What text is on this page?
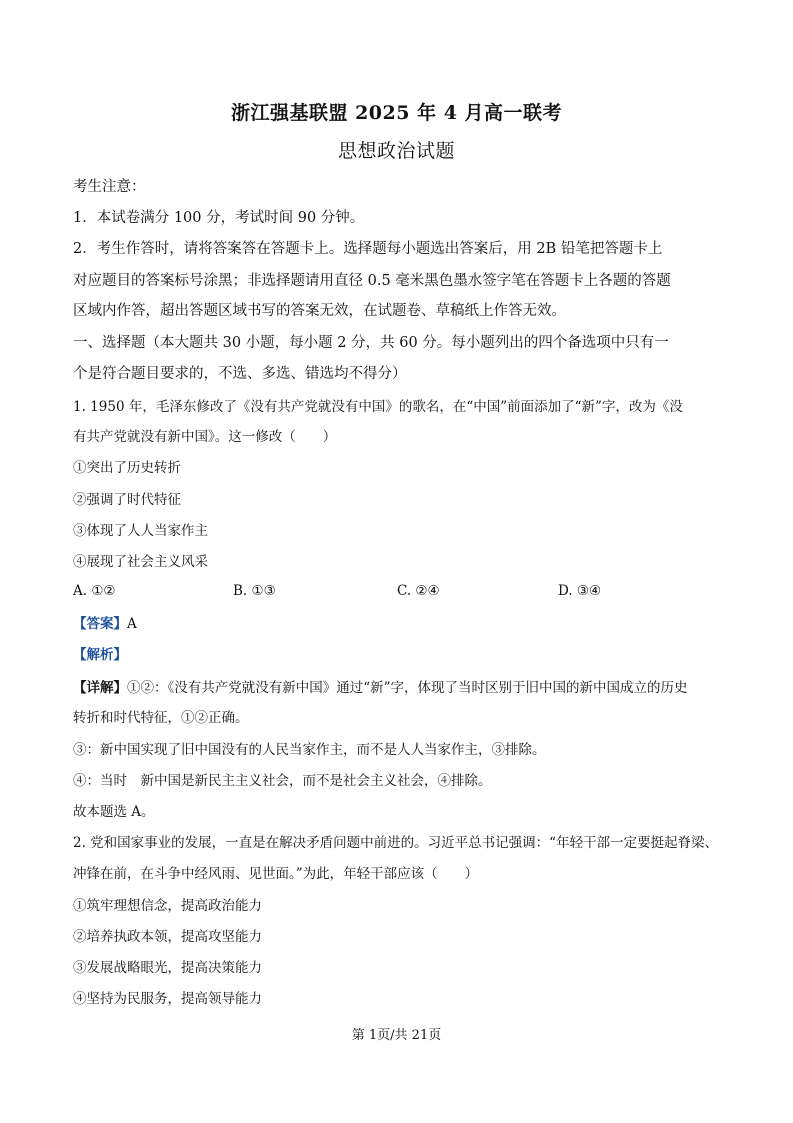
浙江强基联盟 2025 年 4 月高一联考
思想政治试题
考生注意：
1．本试卷满分 100 分，考试时间 90 分钟。
2．考生作答时，请将答案答在答题卡上。选择题每小题选出答案后，用 2B 铅笔把答题卡上
对应题目的答案标号涂黑；非选择题请用直径 0.5 毫米黑色墨水签字笔在答题卡上各题的答题
区域内作答，超出答题区域书写的答案无效，在试题卷、草稿纸上作答无效。
一、选择题（本大题共 30 小题，每小题 2 分，共 60 分。每小题列出的四个备选项中只有一
个是符合题目要求的，不选、多选、错选均不得分）
1. 1950 年，毛泽东修改了《没有共产党就没有中国》的歌名，在“中国”前面添加了“新”字，改为《没
有共产党就没有新中国》。这一修改（　　）
①突出了历史转折
②强调了时代特征
③体现了人人当家作主
④展现了社会主义风采
A. ①②	B. ①③	C. ②④	D. ③④
【答案】A
【解析】
【详解】①②：《没有共产党就没有新中国》通过“新”字，体现了当时区别于旧中国的新中国成立的历史
转折和时代特征，①②正确。
③：新中国实现了旧中国没有的人民当家作主，而不是人人当家作主，③排除。
④：当时　新中国是新民主主义社会，而不是社会主义社会，④排除。
故本题选 A。
2. 党和国家事业的发展，一直是在解决矛盾问题中前进的。习近平总书记强调：“年轻干部一定要挺起脊梁、
冲锋在前，在斗争中经风雨、见世面。”为此，年轻干部应该（　　）
①筑牢理想信念，提高政治能力
②培养执政本领，提高攻坚能力
③发展战略眼光，提高决策能力
④坚持为民服务，提高领导能力
第 1页/共 21页
